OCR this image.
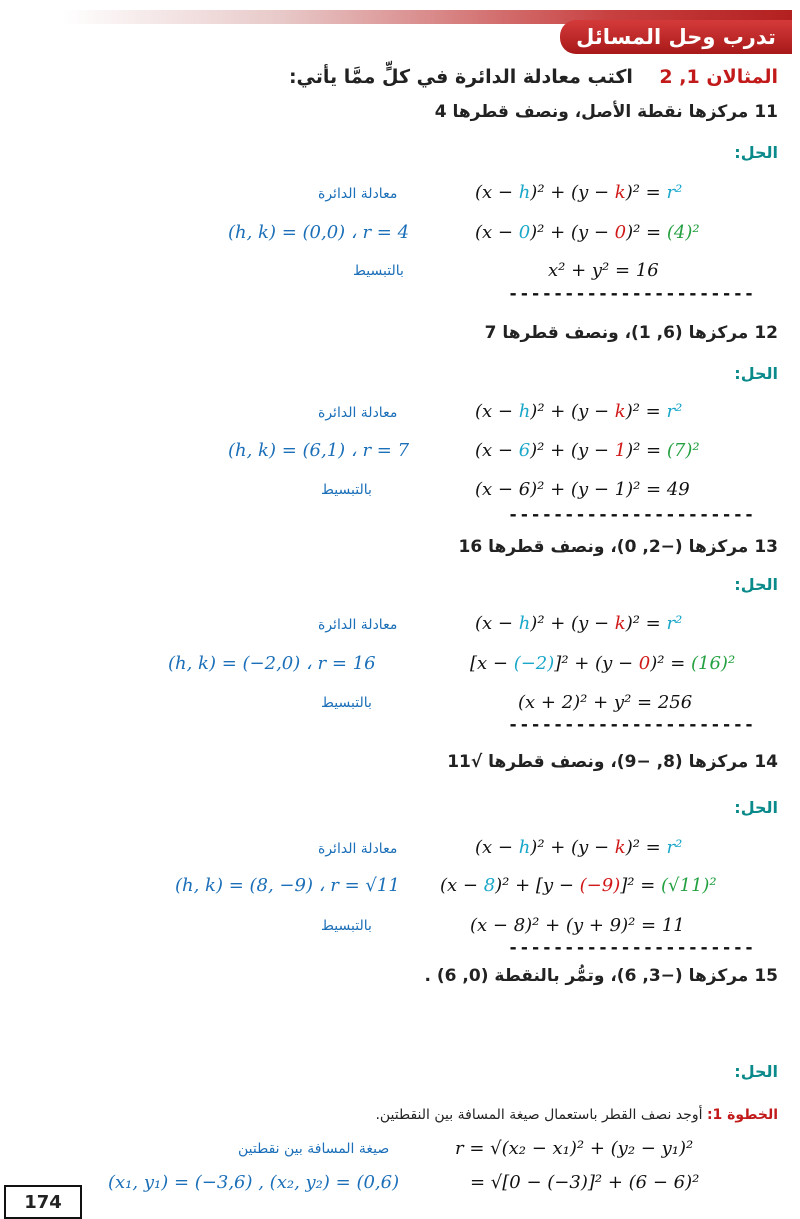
تدرب وحل المسائل
المثالان 1, 2    اكتب معادلة الدائرة في كلٍّ ممَّا يأتي:
11مركزها نقطة الأصل، ونصف قطرها 4
الحل:
(x − h)² + (y − k)² = r²
معادلة الدائرة
(x − 0)² + (y − 0)² = (4)²
(h, k) = (0,0) ، r = 4
x² + y² = 16
بالتبسيط
----------------------
12مركزها (6, 1)، ونصف قطرها 7
الحل:
(x − h)² + (y − k)² = r²
معادلة الدائرة
(x − 6)² + (y − 1)² = (7)²
(h, k) = (6,1) ، r = 7
(x − 6)² + (y − 1)² = 49
بالتبسيط
----------------------
13مركزها (−2, 0)، ونصف قطرها 16
الحل:
(x − h)² + (y − k)² = r²
معادلة الدائرة
[x − (−2)]² + (y − 0)² = (16)²
(h, k) = (−2,0) ، r = 16
(x + 2)² + y² = 256
بالتبسيط
----------------------
14مركزها (8, −9)، ونصف قطرها √11
الحل:
(x − h)² + (y − k)² = r²
معادلة الدائرة
(x − 8)² + [y − (−9)]² = (√11)²
(h, k) = (8, −9) ، r = √11
(x − 8)² + (y + 9)² = 11
بالتبسيط
----------------------
15مركزها (−3, 6)، وتمُّر بالنقطة (0, 6) .
الحل:
الخطوة 1: أوجد نصف القطر باستعمال صيغة المسافة بين النقطتين.
r = √(x₂ − x₁)² + (y₂ − y₁)²
صيغة المسافة بين نقطتين
= √[0 − (−3)]² + (6 − 6)²
(x₁, y₁) = (−3,6) , (x₂, y₂) = (0,6)
174
